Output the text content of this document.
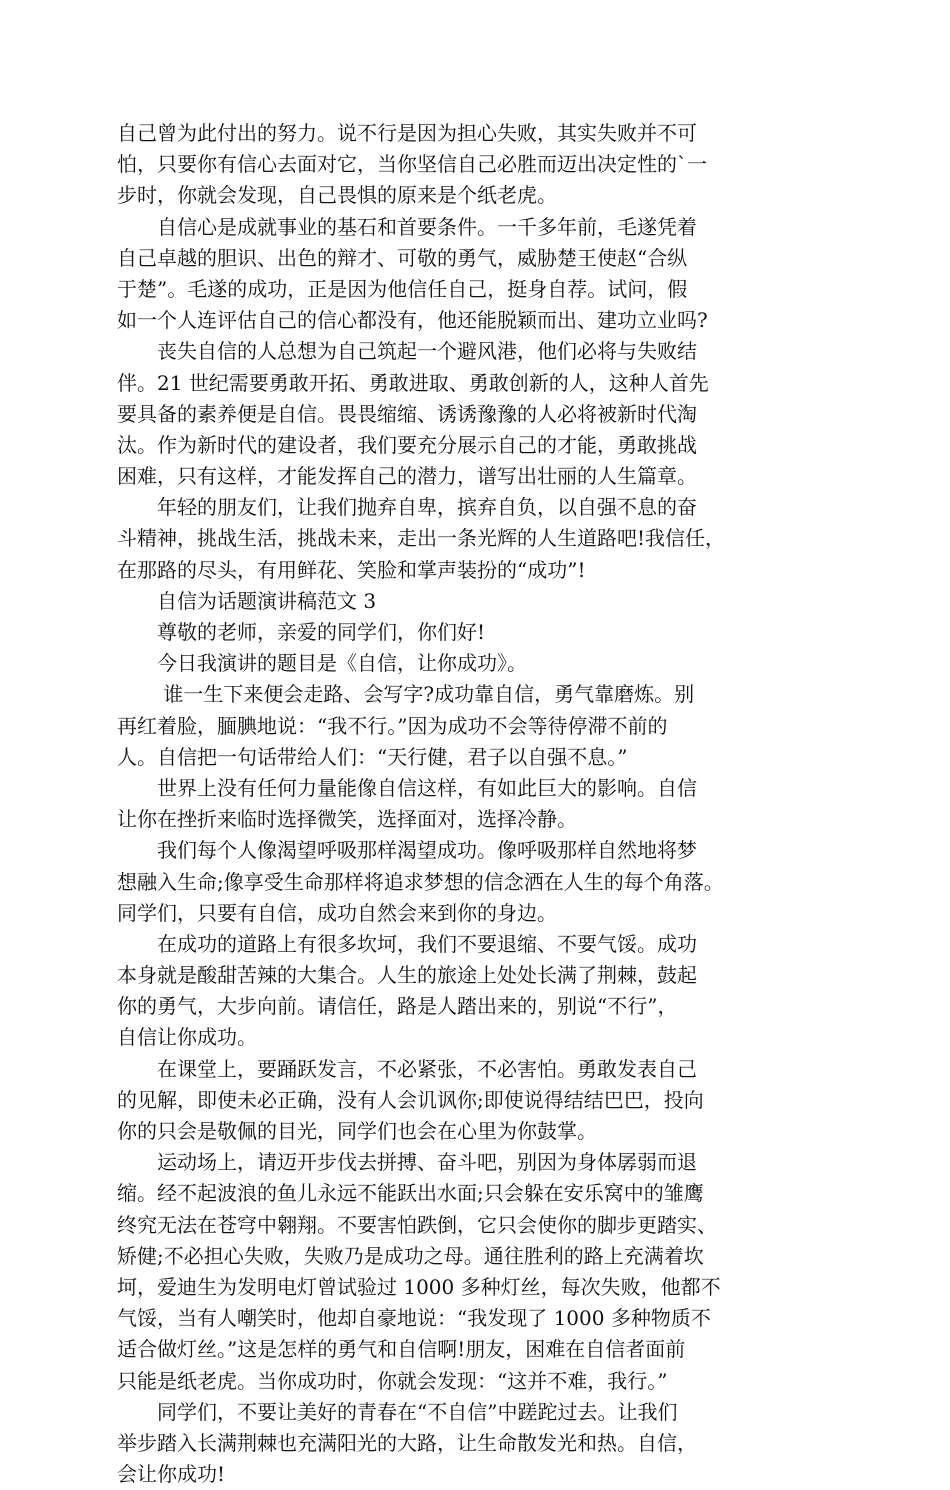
自己曾为此付出的努力。说不行是因为担心失败，其实失败并不可
怕，只要你有信心去面对它，当你坚信自己必胜而迈出决定性的`一
步时，你就会发现，自己畏惧的原来是个纸老虎。
自信心是成就事业的基石和首要条件。一千多年前，毛遂凭着
自己卓越的胆识、出色的辩才、可敬的勇气，威胁楚王使赵“合纵
于楚”。毛遂的成功，正是因为他信任自己，挺身自荐。试问，假
如一个人连评估自己的信心都没有，他还能脱颖而出、建功立业吗?
丧失自信的人总想为自己筑起一个避风港，他们必将与失败结
伴。21 世纪需要勇敢开拓、勇敢进取、勇敢创新的人，这种人首先
要具备的素养便是自信。畏畏缩缩、诱诱豫豫的人必将被新时代淘
汰。作为新时代的建设者，我们要充分展示自己的才能，勇敢挑战
困难，只有这样，才能发挥自己的潜力，谱写出壮丽的人生篇章。
年轻的朋友们，让我们抛弃自卑，摈弃自负，以自强不息的奋
斗精神，挑战生活，挑战未来，走出一条光辉的人生道路吧!我信任，
在那路的尽头，有用鲜花、笑脸和掌声装扮的“成功”!
自信为话题演讲稿范文 3
尊敬的老师，亲爱的同学们，你们好!
今日我演讲的题目是《自信，让你成功》。
谁一生下来便会走路、会写字?成功靠自信，勇气靠磨炼。别
再红着脸，腼腆地说：“我不行。”因为成功不会等待停滞不前的
人。自信把一句话带给人们：“天行健，君子以自强不息。”
世界上没有任何力量能像自信这样，有如此巨大的影响。自信
让你在挫折来临时选择微笑，选择面对，选择冷静。
我们每个人像渴望呼吸那样渴望成功。像呼吸那样自然地将梦
想融入生命;像享受生命那样将追求梦想的信念洒在人生的每个角落。
同学们，只要有自信，成功自然会来到你的身边。
在成功的道路上有很多坎坷，我们不要退缩、不要气馁。成功
本身就是酸甜苦辣的大集合。人生的旅途上处处长满了荆棘，鼓起
你的勇气，大步向前。请信任，路是人踏出来的，别说“不行”，
自信让你成功。
在课堂上，要踊跃发言，不必紧张，不必害怕。勇敢发表自己
的见解，即使未必正确，没有人会讥讽你;即使说得结结巴巴，投向
你的只会是敬佩的目光，同学们也会在心里为你鼓掌。
运动场上，请迈开步伐去拼搏、奋斗吧，别因为身体孱弱而退
缩。经不起波浪的鱼儿永远不能跃出水面;只会躲在安乐窝中的雏鹰
终究无法在苍穹中翱翔。不要害怕跌倒，它只会使你的脚步更踏实、
矫健;不必担心失败，失败乃是成功之母。通往胜利的路上充满着坎
坷，爱迪生为发明电灯曾试验过 1000 多种灯丝，每次失败，他都不
气馁，当有人嘲笑时，他却自豪地说：“我发现了 1000 多种物质不
适合做灯丝。”这是怎样的勇气和自信啊!朋友，困难在自信者面前
只能是纸老虎。当你成功时，你就会发现：“这并不难，我行。”
同学们，不要让美好的青春在“不自信”中蹉跎过去。让我们
举步踏入长满荆棘也充满阳光的大路，让生命散发光和热。自信，
会让你成功!
